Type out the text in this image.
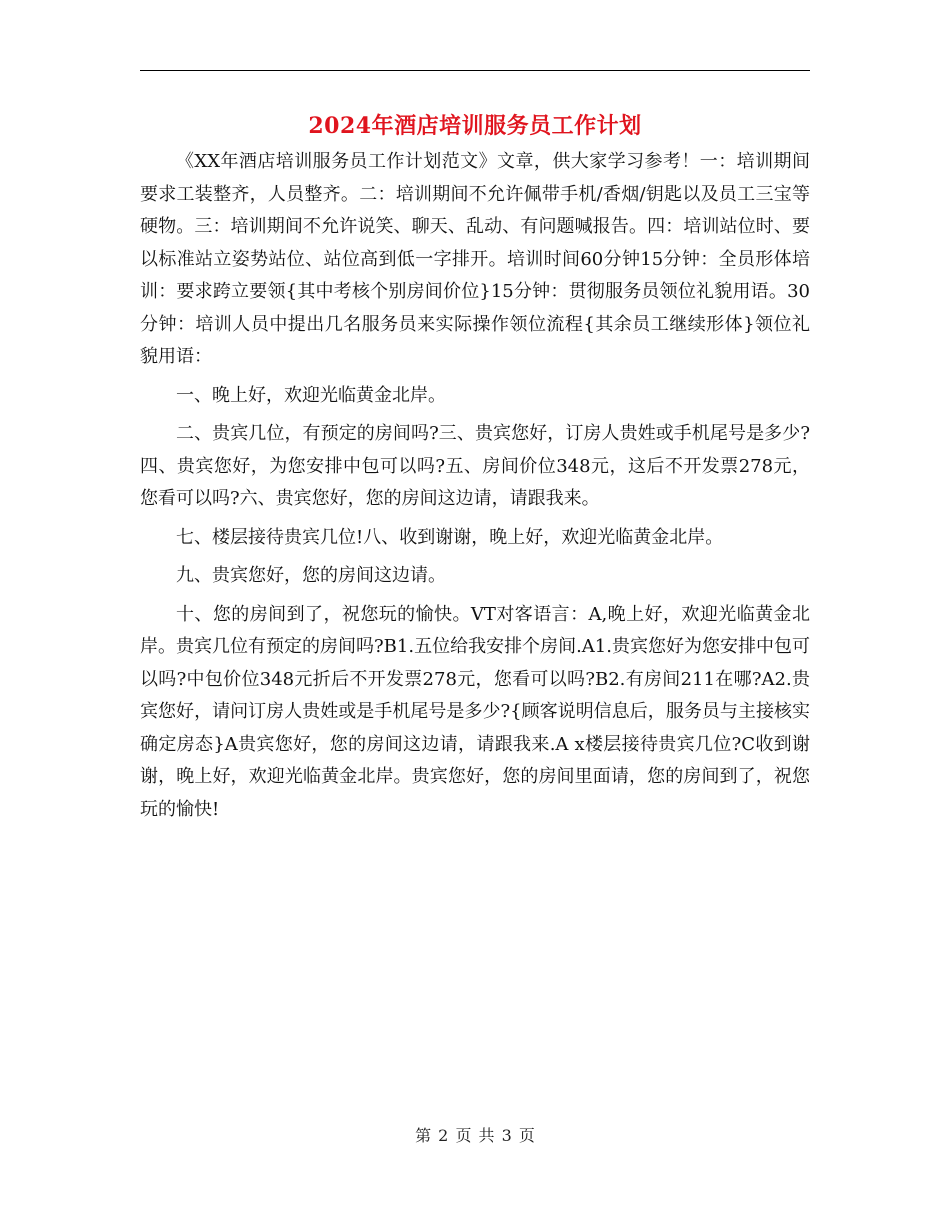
2024年酒店培训服务员工作计划

《XX年酒店培训服务员工作计划范文》文章，供大家学习参考！一：培训期间要求工装整齐，人员整齐。二：培训期间不允许佩带手机/香烟/钥匙以及员工三宝等硬物。三：培训期间不允许说笑、聊天、乱动、有问题喊报告。四：培训站位时、要以标准站立姿势站位、站位高到低一字排开。培训时间60分钟15分钟：全员形体培训：要求跨立要领{其中考核个别房间价位}15分钟：贯彻服务员领位礼貌用语。30分钟：培训人员中提出几名服务员来实际操作领位流程{其余员工继续形体}领位礼貌用语：

一、晚上好，欢迎光临黄金北岸。

二、贵宾几位，有预定的房间吗?三、贵宾您好，订房人贵姓或手机尾号是多少?四、贵宾您好，为您安排中包可以吗?五、房间价位348元，这后不开发票278元，您看可以吗?六、贵宾您好，您的房间这边请，请跟我来。

七、楼层接待贵宾几位!八、收到谢谢，晚上好，欢迎光临黄金北岸。

九、贵宾您好，您的房间这边请。

十、您的房间到了，祝您玩的愉快。VT对客语言：A,晚上好，欢迎光临黄金北岸。贵宾几位有预定的房间吗?B1.五位给我安排个房间.A1.贵宾您好为您安排中包可以吗?中包价位348元折后不开发票278元，您看可以吗?B2.有房间211在哪?A2.贵宾您好，请问订房人贵姓或是手机尾号是多少?{顾客说明信息后，服务员与主接核实确定房态}A贵宾您好，您的房间这边请，请跟我来.A x楼层接待贵宾几位?C收到谢谢，晚上好，欢迎光临黄金北岸。贵宾您好，您的房间里面请，您的房间到了，祝您玩的愉快!

第 2 页 共 3 页
